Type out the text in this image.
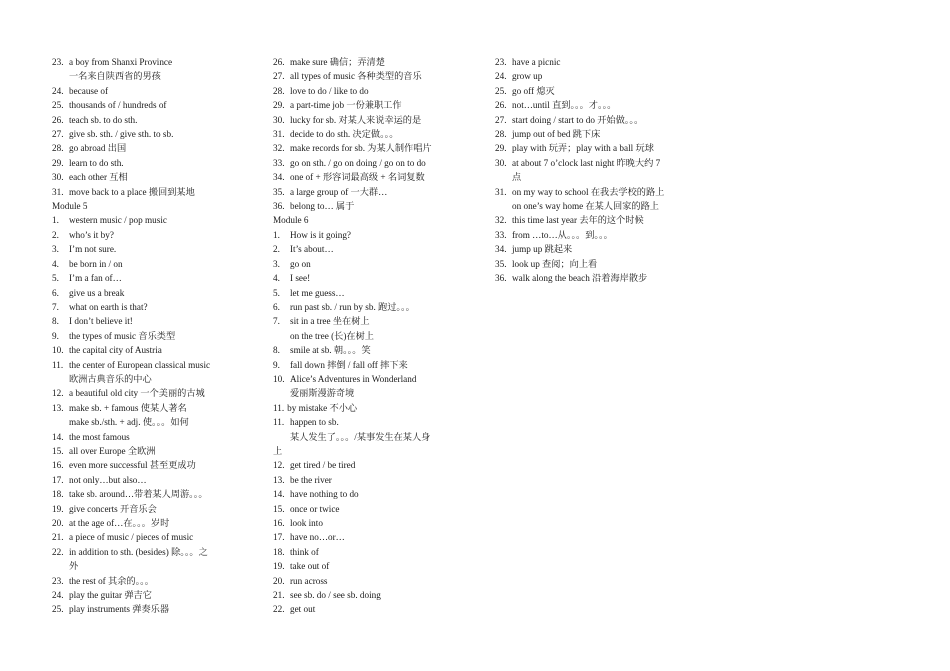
23. a boy from Shanxi Province
一名来自陕西省的男孩
24. because of
25. thousands of / hundreds of
26. teach sb. to do sth.
27. give sb. sth. / give sth. to sb.
28. go abroad 出国
29. learn to do sth.
30. each other 互相
31. move back to a place 搬回到某地
Module 5
1.	western music / pop music
2.	who’s it by?
3.	I’m not sure.
4.	be born in / on
5.	I’m a fan of…
6.	give us a break
7.	what on earth is that?
8.	I don’t believe it!
9.	the types of music 音乐类型
10. the capital city of Austria
11. the center of European classical music
欧洲古典音乐的中心
12. a beautiful old city 一个美丽的古城
13. make sb. + famous 使某人著名
make sb./sth. + adj. 使。。。如何
14. the most famous
15. all over Europe 全欧洲
16. even more successful 甚至更成功
17. not only…but also…
18. take sb. around…带着某人周游。。。
19. give concerts 开音乐会
20. at the age of…在。。。岁时
21. a piece of music / pieces of music
22. in addition to sth. (besides) 除。。。之
外
23. the rest of 其余的。。。
24. play the guitar 弹吉它
25. play instruments 弹奏乐器
26. make sure 确信；弄清楚
27. all types of music 各种类型的音乐
28. love to do / like to do
29. a part-time job 一份兼职工作
30. lucky for sb. 对某人来说幸运的是
31. decide to do sth. 决定做。。。
32. make records for sb. 为某人制作唱片
33. go on sth. / go on doing / go on to do
34. one of + 形容词最高级 + 名词复数
35. a large group of 一大群…
36. belong to… 属于
Module 6
1.	How is it going?
2.	It’s about…
3.	go on
4.	I see!
5.	let me guess…
6.	run past sb. / run by sb. 跑过。。。
7.	sit in a tree 坐在树上
on the tree (长)在树上
8.	smile at sb. 朝。。。笑
9.	fall down 摔倒 / fall off 摔下来
10. Alice’s Adventures in Wonderland
爱丽斯漫游奇境
11. by mistake 不小心
11. happen to sb.
某人发生了。。。/某事发生在某人身
上
12. get tired / be tired
13. be the river
14. have nothing to do
15. once or twice
16. look into
17. have no…or…
18. think of
19. take out of
20. run across
21. see sb. do / see sb. doing
22. get out
23. have a picnic
24. grow up
25. go off 熄灭
26. not…until 直到。。。才。。。
27. start doing / start to do 开始做。。。
28. jump out of bed 跳下床
29. play with 玩弄；play with a ball 玩球
30. at about 7 o’clock last night 昨晚大约 7
点
31. on my way to school 在我去学校的路上
on one’s way home 在某人回家的路上
32. this time last year 去年的这个时候
33. from …to…从。。。到。。。
34. jump up 跳起来
35. look up 查阅；向上看
36. walk along the beach 沿着海岸散步
